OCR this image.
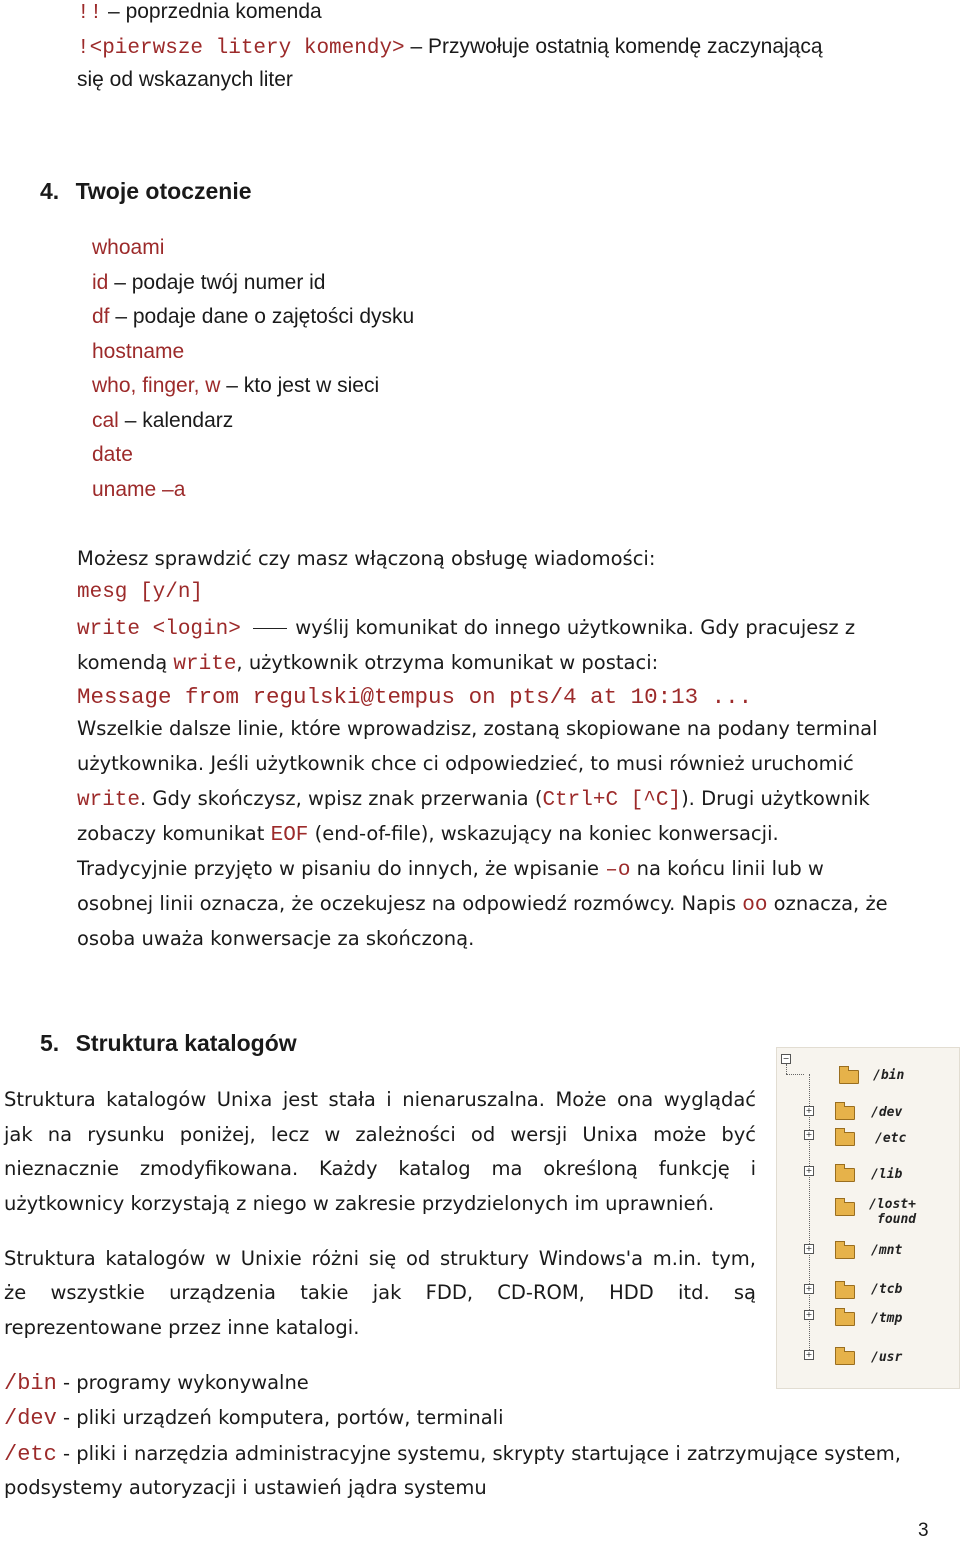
!! – poprzednia komenda
!<pierwsze litery komendy> – Przywołuje ostatnią komendę zaczynającą
się od wskazanych liter
4. Twoje otoczenie
whoami
id – podaje twój numer id
df – podaje dane o zajętości dysku
hostname
who, finger, w – kto jest w sieci
cal – kalendarz
date
uname –a
Możesz sprawdzić czy masz włączoną obsługę wiadomości:
mesg [y/n]
write <login>  wyślij komunikat do innego użytkownika. Gdy pracujesz z
komendą write, użytkownik otrzyma komunikat w postaci:
Message from regulski@tempus on pts/4 at 10:13 ...
Wszelkie dalsze linie, które wprowadzisz, zostaną skopiowane na podany terminal
użytkownika. Jeśli użytkownik chce ci odpowiedzieć, to musi również uruchomić
write. Gdy skończysz, wpisz znak przerwania (Ctrl+C [^C]). Drugi użytkownik
zobaczy komunikat EOF (end-of-file), wskazujący na koniec konwersacji.
Tradycyjnie przyjęto w pisaniu do innych, że wpisanie –o na końcu linii lub w
osobnej linii oznacza, że oczekujesz na odpowiedź rozmówcy. Napis oo oznacza, że
osoba uważa konwersacje za skończoną.
5. Struktura katalogów
Struktura katalogów Unixa jest stała i nienaruszalna. Może ona wyglądać
jak na rysunku poniżej, lecz w zależności od wersji Unixa może być
nieznacznie zmodyfikowana. Każdy katalog ma określoną funkcję i
użytkownicy korzystają z niego w zakresie przydzielonych im uprawnień.
Struktura katalogów w Unixie różni się od struktury Windows'a m.in. tym,
że wszystkie urządzenia takie jak FDD, CD-ROM, HDD itd. są
reprezentowane przez inne katalogi.
/bin - programy wykonywalne
/dev - pliki urządzeń komputera, portów, terminali
/etc - pliki i narzędzia administracyjne systemu, skrypty startujące i zatrzymujące system,
podsystemy autoryzacji i ustawień jądra systemu
−
/bin
+	/dev
+	/etc
+	/lib
/lost+
found
+	/mnt
+	/tcb
+	/tmp
+	/usr
3
